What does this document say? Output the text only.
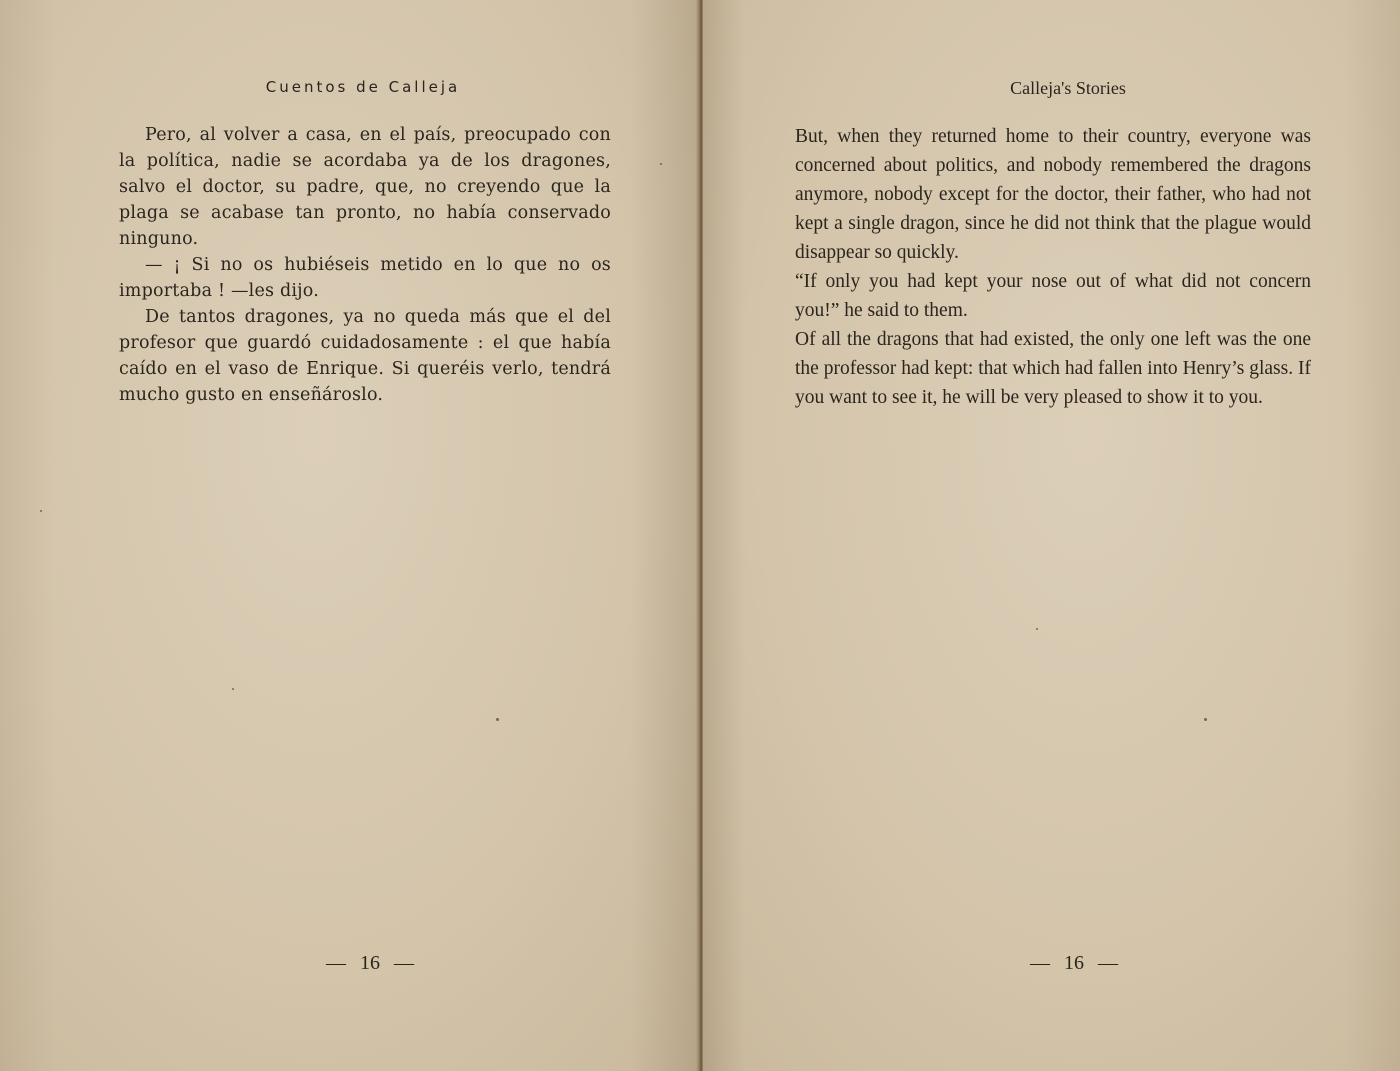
Cuentos de Calleja

Pero, al volver a casa, en el país, preocupado con la política, nadie se acordaba ya de los dragones, salvo el doctor, su padre, que, no creyendo que la plaga se acabase tan pronto, no había conservado ninguno.

— ¡ Si no os hubiéseis metido en lo que no os importaba ! —les dijo.

De tantos dragones, ya no queda más que el del profesor que guardó cuidadosamente : el que había caído en el vaso de Enrique. Si queréis verlo, tendrá mucho gusto en enseñároslo.

— 16 —
Calleja's Stories

But, when they returned home to their country, everyone was concerned about politics, and nobody remembered the dragons anymore, nobody except for the doctor, their father, who had not kept a single dragon, since he did not think that the plague would disappear so quickly.

“If only you had kept your nose out of what did not concern you!” he said to them.

Of all the dragons that had existed, the only one left was the one the professor had kept: that which had fallen into Henry’s glass. If you want to see it, he will be very pleased to show it to you.

— 16 —
